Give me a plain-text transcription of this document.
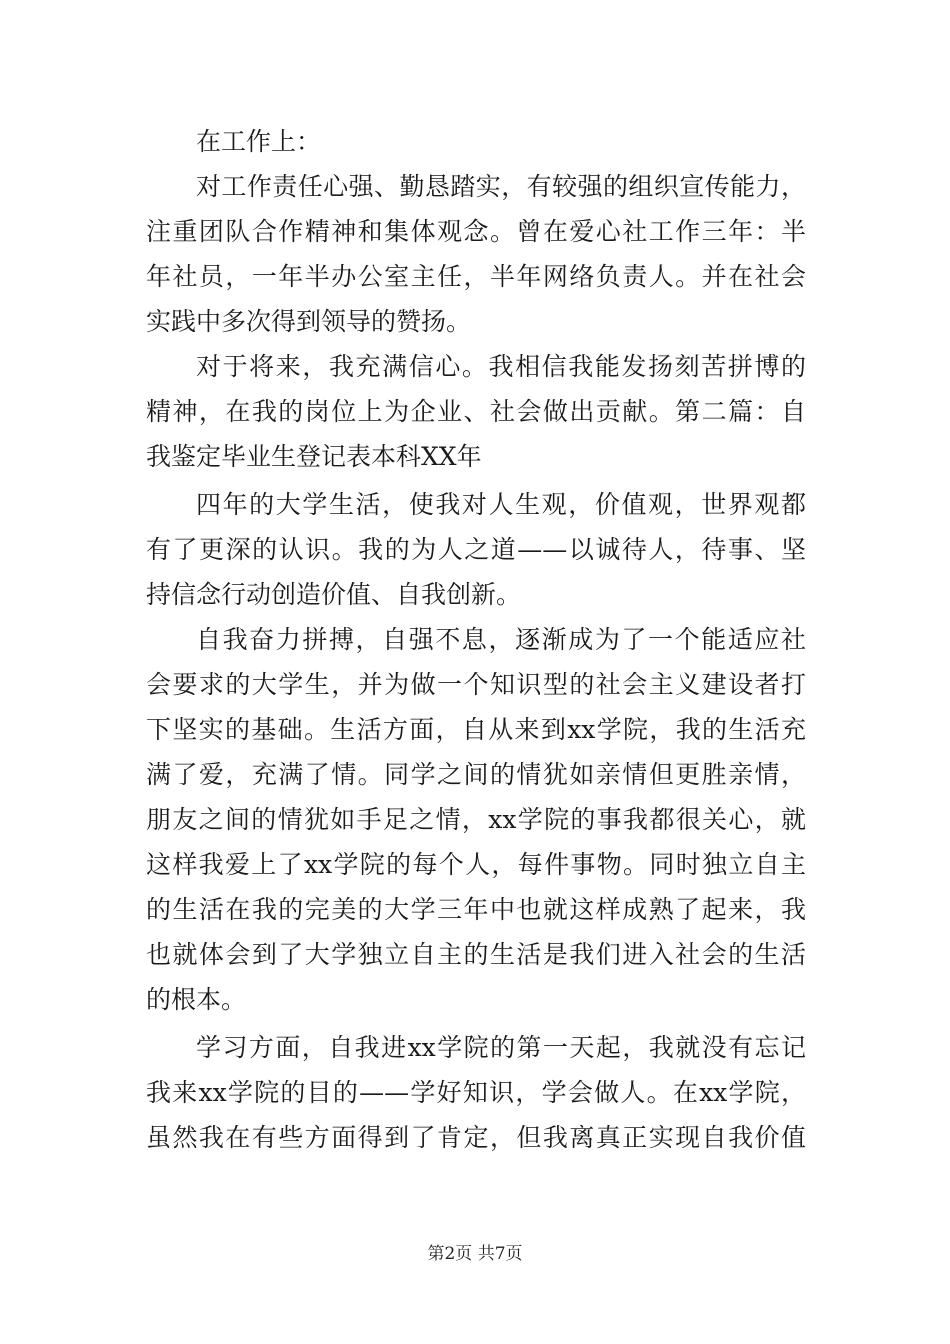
在工作上：
对工作责任心强、勤恳踏实，有较强的组织宣传能力，
注重团队合作精神和集体观念。曾在爱心社工作三年：半
年社员，一年半办公室主任，半年网络负责人。并在社会
实践中多次得到领导的赞扬。
对于将来，我充满信心。我相信我能发扬刻苦拼博的
精神，在我的岗位上为企业、社会做出贡献。第二篇：自
我鉴定毕业生登记表本科XX年
四年的大学生活，使我对人生观，价值观，世界观都
有了更深的认识。我的为人之道——以诚待人，待事、坚
持信念行动创造价值、自我创新。
自我奋力拼搏，自强不息，逐渐成为了一个能适应社
会要求的大学生，并为做一个知识型的社会主义建设者打
下坚实的基础。生活方面，自从来到xx学院，我的生活充
满了爱，充满了情。同学之间的情犹如亲情但更胜亲情，
朋友之间的情犹如手足之情，xx学院的事我都很关心，就
这样我爱上了xx学院的每个人，每件事物。同时独立自主
的生活在我的完美的大学三年中也就这样成熟了起来，我
也就体会到了大学独立自主的生活是我们进入社会的生活
的根本。
学习方面，自我进xx学院的第一天起，我就没有忘记
我来xx学院的目的——学好知识，学会做人。在xx学院，
虽然我在有些方面得到了肯定，但我离真正实现自我价值
第2页 共7页
